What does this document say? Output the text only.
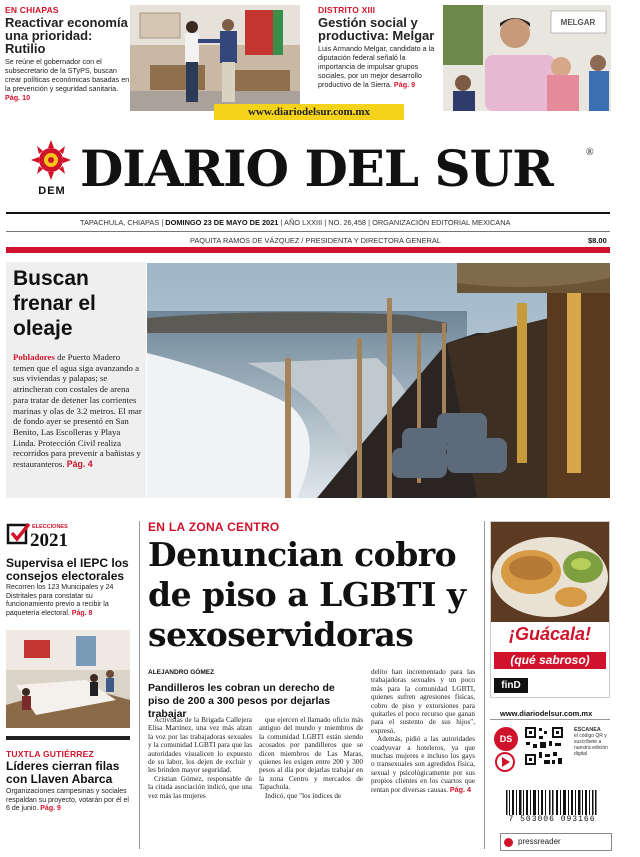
EN CHIAPAS
Reactivar economía una prioridad: Rutilio
Se reúne el gobernador con el subsecretario de la STyPS, buscan crear políticas económicas basadas en la prevención y seguridad sanitaria. Pág. 10
DISTRITO XIII
Gestión social y productiva: Melgar
Luis Armando Melgar, candidato a la diputación federal señaló la importancia de impulsar grupos sociales, por un mejor desarrollo productivo de la Sierra. Pág. 9
MELGAR
www.diariodelsur.com.mx
DEM DIARIO DEL SUR	®
TAPACHULA, CHIAPAS | DOMINGO 23 DE MAYO DE 2021 | AÑO LXXIII | NO. 26,458 | ORGANIZACIÓN EDITORIAL MEXICANA
PAQUITA RAMOS DE VÁZQUEZ / PRESIDENTA Y DIRECTORA GENERAL	$8.00
Buscan frenar el oleaje
Pobladores de Puerto Madero temen que el agua siga avanzando a sus viviendas y palapas; se atrincheran con costales de arena para tratar de detener las corrientes marinas y olas de 3.2 metros. El mar de fondo ayer se presentó en San Benito, Las Escolleras y Playa Linda. Protección Civil realiza recorridos para prevenir a bañistas y restauranteros. Pág. 4
ELECCIONES
2021
Supervisa el IEPC los consejos electorales
Recorren los 123 Municipales y 24 Distritales para constatar su funcionamiento previo a recibir la paquetería electoral. Pág. 8
TUXTLA GUTIÉRREZ
Líderes cierran filas con Llaven Abarca
Organizaciones campesinas y sociales respaldan su proyecto, votarán por él el 6 de junio. Pág. 9
EN LA ZONA CENTRO
Denuncian cobro de piso a LGBTI y sexoservidoras
ALEJANDRO GÓMEZ
Pandilleros les cobran un derecho de piso de 200 a 300 pesos por dejarlas trabajar

Activistas de la Brigada Callejera Elisa Martínez, una vez más alzan la voz por las trabajadoras sexuales y la comunidad LGBTI para que las autoridades visualicen lo expuesto de su labor, los dejen de excluir y les brinden mayor seguridad.

Cristian Gómez, responsable de la citada asociación indicó, que una vez más las mujeres

que ejercen el llamado oficio más antiguo del mundo y miembros de la comunidad LGBTI están siendo acosados por pandilleros que se dicen miembros de Las Maras, quienes les exigen entre 200 y 300 pesos al día por dejarlas trabajar en la zona Centro y mercados de Tapachula.

Indicó, que "los índices de

delito han incrementado para las trabajadoras sexuales y un poco más para la comunidad LGBTI, quienes sufren agresiones físicas, cobro de piso y extorsiones para quitarles el poco recurso que ganan para el sustento de sus hijos", expresó.

Además, pidió a las autoridades coadyuvar a hoteleros, ya que muchas mujeres e incluso los gays o transexuales son agredidos física, sexual y psicológicamente por sus propios clientes en los cuartos que rentan por diversas causas. Pág. 4

¡Guácala!
(qué sabroso)
finD
www.diariodelsur.com.mx
DS
ESCANEA
el código QR y suscríbete a nuestra edición digital
7 503006 093166
pressreader
